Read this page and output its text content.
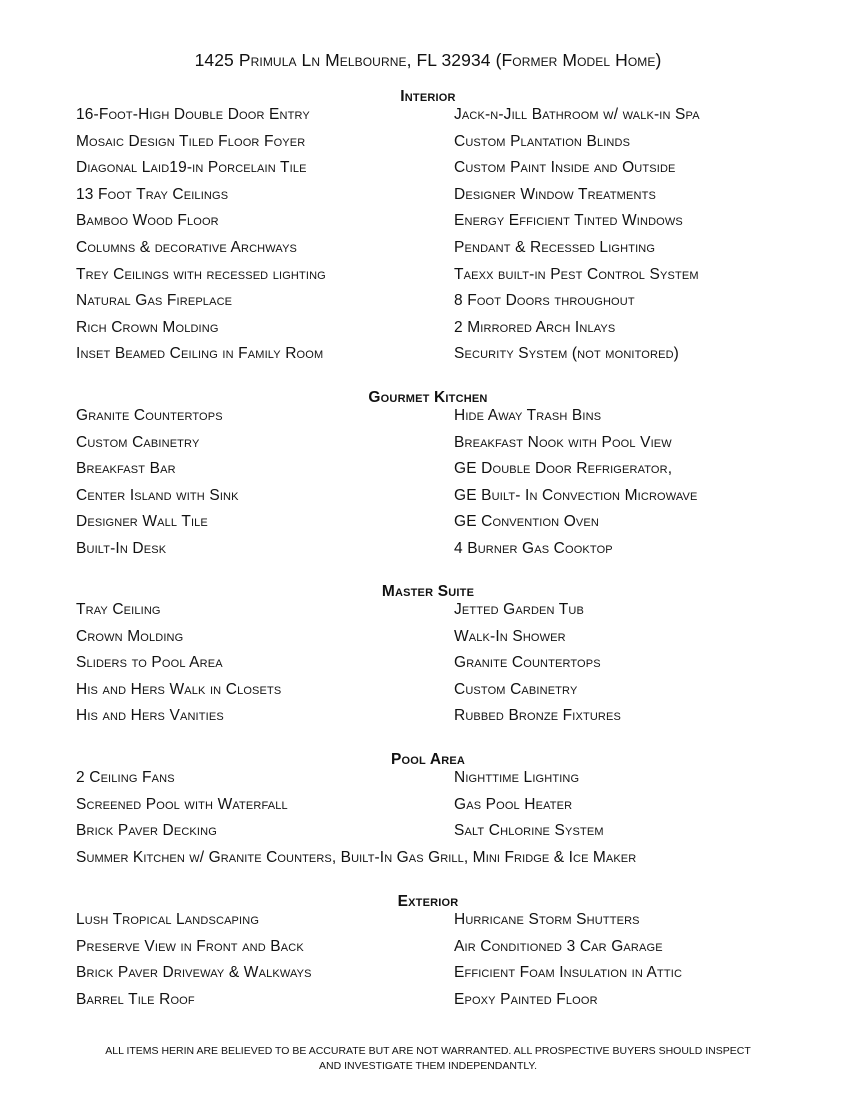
1425 Primula Ln Melbourne, FL 32934 (Former Model Home)
Interior
16-Foot-High Double Door Entry
Mosaic Design Tiled Floor Foyer
Diagonal Laid19-in Porcelain Tile
13 Foot Tray Ceilings
Bamboo Wood Floor
Columns & decorative Archways
Trey Ceilings with recessed lighting
Natural Gas Fireplace
Rich Crown Molding
Inset Beamed Ceiling in Family Room
Jack-n-Jill Bathroom w/ walk-in Spa
Custom Plantation Blinds
Custom Paint Inside and Outside
Designer Window Treatments
Energy Efficient Tinted Windows
Pendant & Recessed Lighting
Taexx built-in Pest Control System
8 Foot Doors throughout
2 Mirrored Arch Inlays
Security System (not monitored)
Gourmet Kitchen
Granite Countertops
Custom Cabinetry
Breakfast Bar
Center Island with Sink
Designer Wall Tile
Built-In Desk
Hide Away Trash Bins
Breakfast Nook with Pool View
GE Double Door Refrigerator,
GE Built- In Convection Microwave
GE Convention Oven
4 Burner Gas Cooktop
Master Suite
Tray Ceiling
Crown Molding
Sliders to Pool Area
His and Hers Walk in Closets
His and Hers Vanities
Jetted Garden Tub
Walk-In Shower
Granite Countertops
Custom Cabinetry
Rubbed Bronze Fixtures
Pool Area
2 Ceiling Fans
Screened Pool with Waterfall
Brick Paver Decking
Nighttime Lighting
Gas Pool Heater
Salt Chlorine System
Summer Kitchen w/ Granite Counters, Built-In Gas Grill, Mini Fridge & Ice Maker
Exterior
Lush Tropical Landscaping
Preserve View in Front and Back
Brick Paver Driveway & Walkways
Barrel Tile Roof
Hurricane Storm Shutters
Air Conditioned 3 Car Garage
Efficient Foam Insulation in Attic
Epoxy Painted Floor
ALL ITEMS HERIN ARE BELIEVED TO BE ACCURATE BUT ARE NOT WARRANTED. ALL PROSPECTIVE BUYERS SHOULD INSPECT
AND INVESTIGATE THEM INDEPENDANTLY.
